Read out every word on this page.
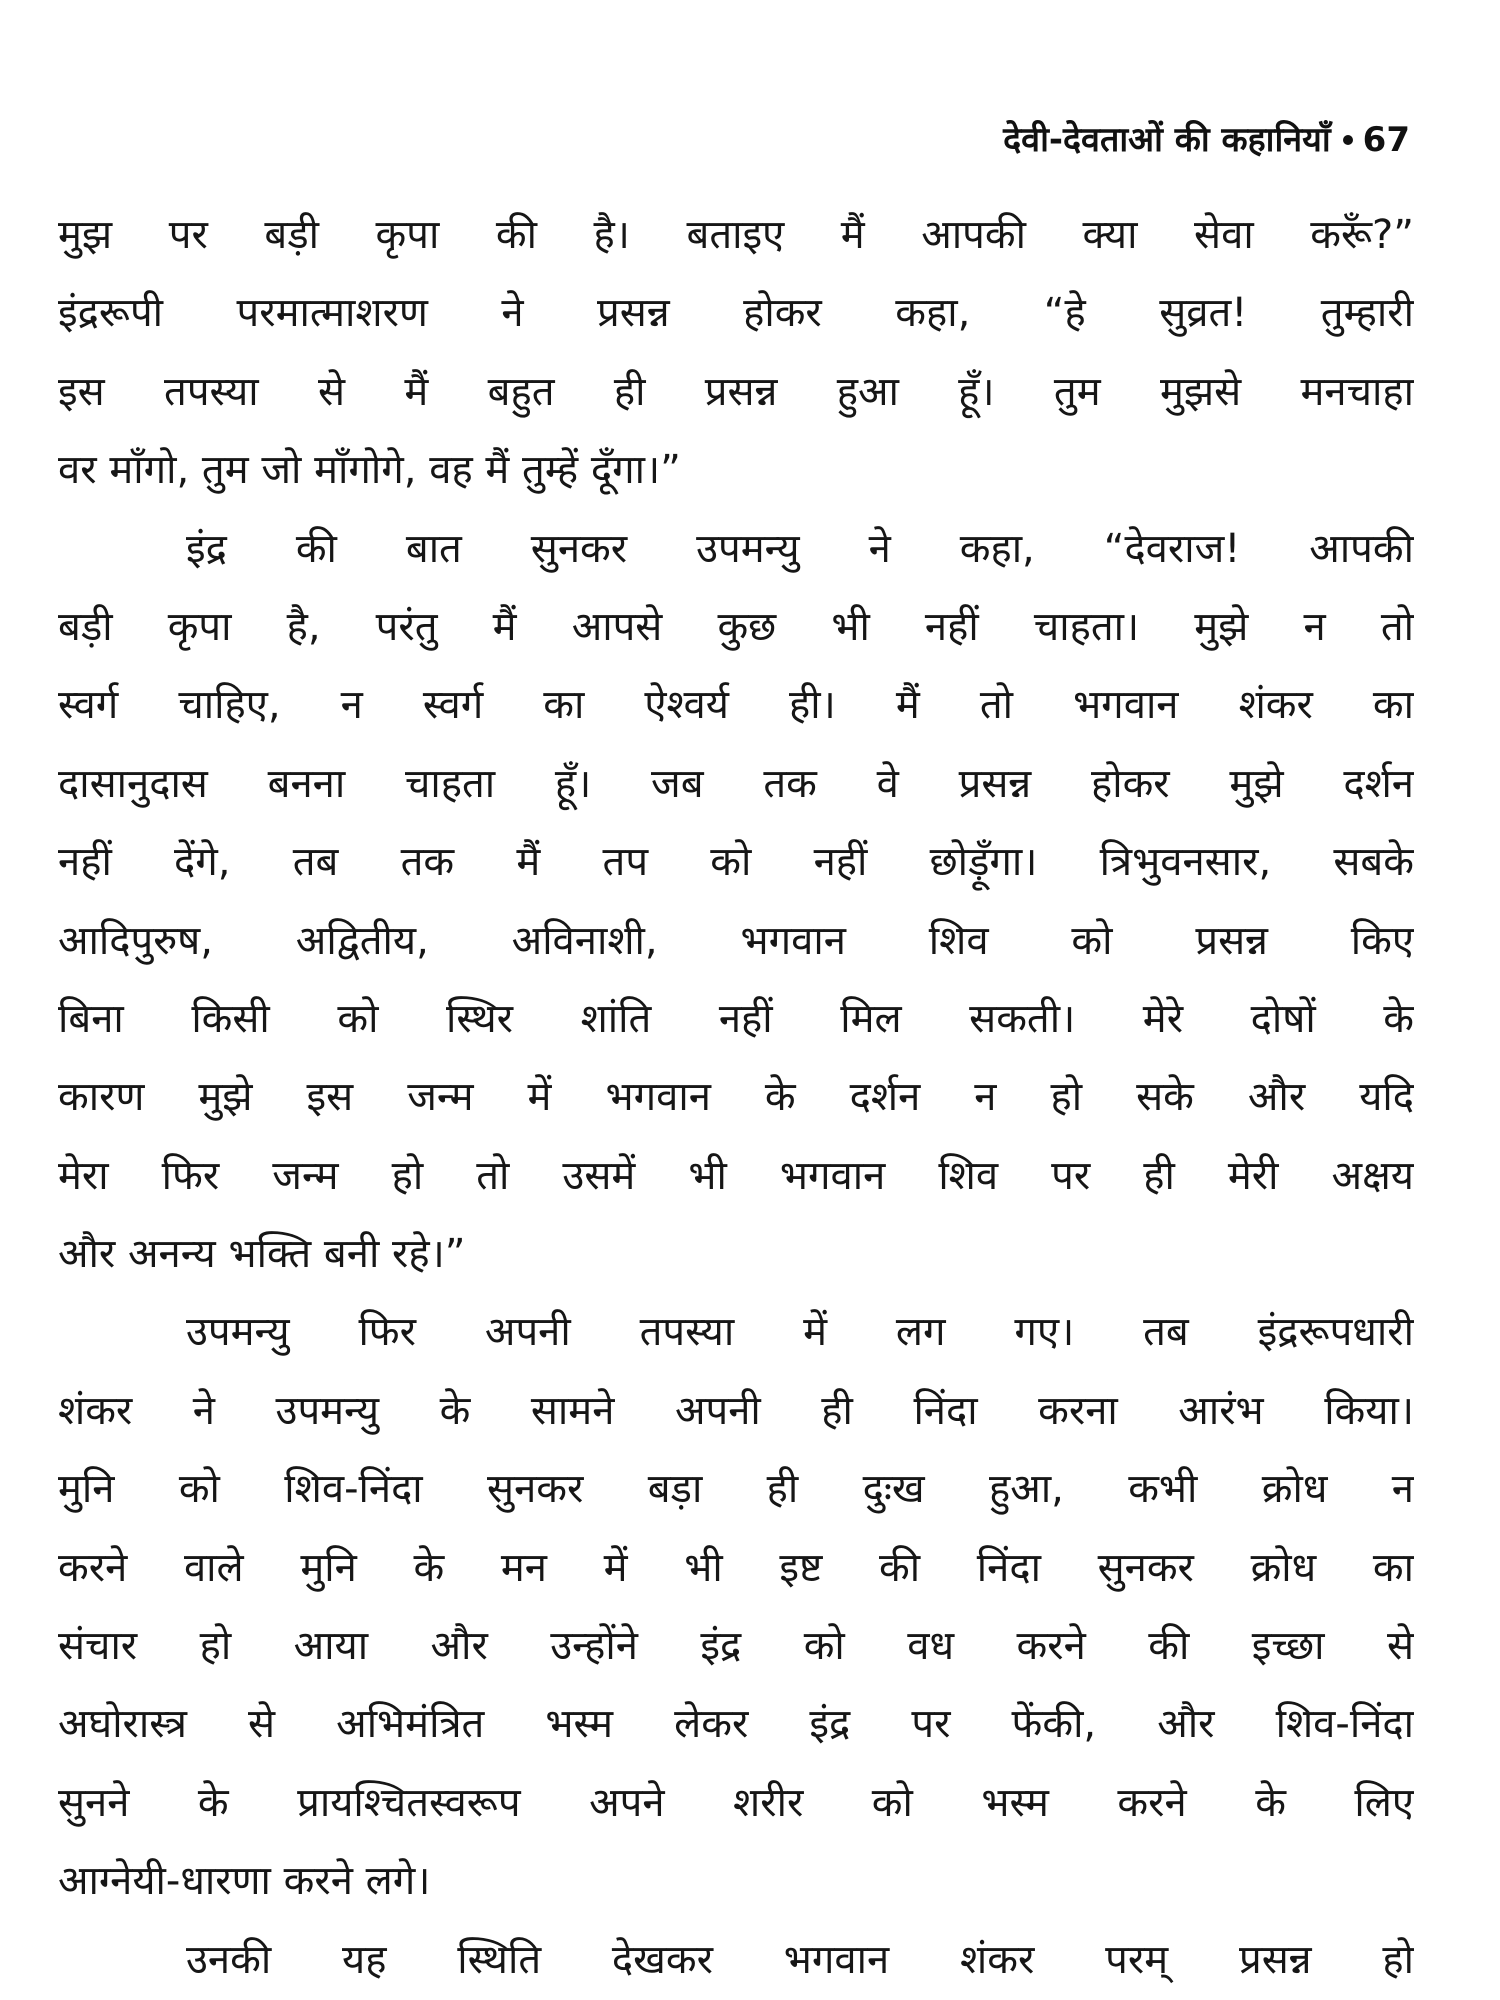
देवी-देवताओं की कहानियाँ 67
मुझ पर बड़ी कृपा की है। बताइए मैं आपकी क्या सेवा करूँ?”
इंद्ररूपी परमात्माशरण ने प्रसन्न होकर कहा, “हे सुव्रत! तुम्हारी
इस तपस्या से मैं बहुत ही प्रसन्न हुआ हूँ। तुम मुझसे मनचाहा
वर माँगो, तुम जो माँगोगे, वह मैं तुम्हें दूँगा।”
इंद्र की बात सुनकर उपमन्यु ने कहा, “देवराज! आपकी
बड़ी कृपा है, परंतु मैं आपसे कुछ भी नहीं चाहता। मुझे न तो
स्वर्ग चाहिए, न स्वर्ग का ऐश्वर्य ही। मैं तो भगवान शंकर का
दासानुदास बनना चाहता हूँ। जब तक वे प्रसन्न होकर मुझे दर्शन
नहीं देंगे, तब तक मैं तप को नहीं छोड़ूँगा। त्रिभुवनसार, सबके
आदिपुरुष, अद्वितीय, अविनाशी, भगवान शिव को प्रसन्न किए
बिना किसी को स्थिर शांति नहीं मिल सकती। मेरे दोषों के
कारण मुझे इस जन्म में भगवान के दर्शन न हो सके और यदि
मेरा फिर जन्म हो तो उसमें भी भगवान शिव पर ही मेरी अक्षय
और अनन्य भक्ति बनी रहे।”
उपमन्यु फिर अपनी तपस्या में लग गए। तब इंद्ररूपधारी
शंकर ने उपमन्यु के सामने अपनी ही निंदा करना आरंभ किया।
मुनि को शिव-निंदा सुनकर बड़ा ही दुःख हुआ, कभी क्रोध न
करने वाले मुनि के मन में भी इष्ट की निंदा सुनकर क्रोध का
संचार हो आया और उन्होंने इंद्र को वध करने की इच्छा से
अघोरास्त्र से अभिमंत्रित भस्म लेकर इंद्र पर फेंकी, और शिव-निंदा
सुनने के प्रायश्चितस्वरूप अपने शरीर को भस्म करने के लिए
आग्नेयी-धारणा करने लगे।
उनकी यह स्थिति देखकर भगवान शंकर परम् प्रसन्न हो
